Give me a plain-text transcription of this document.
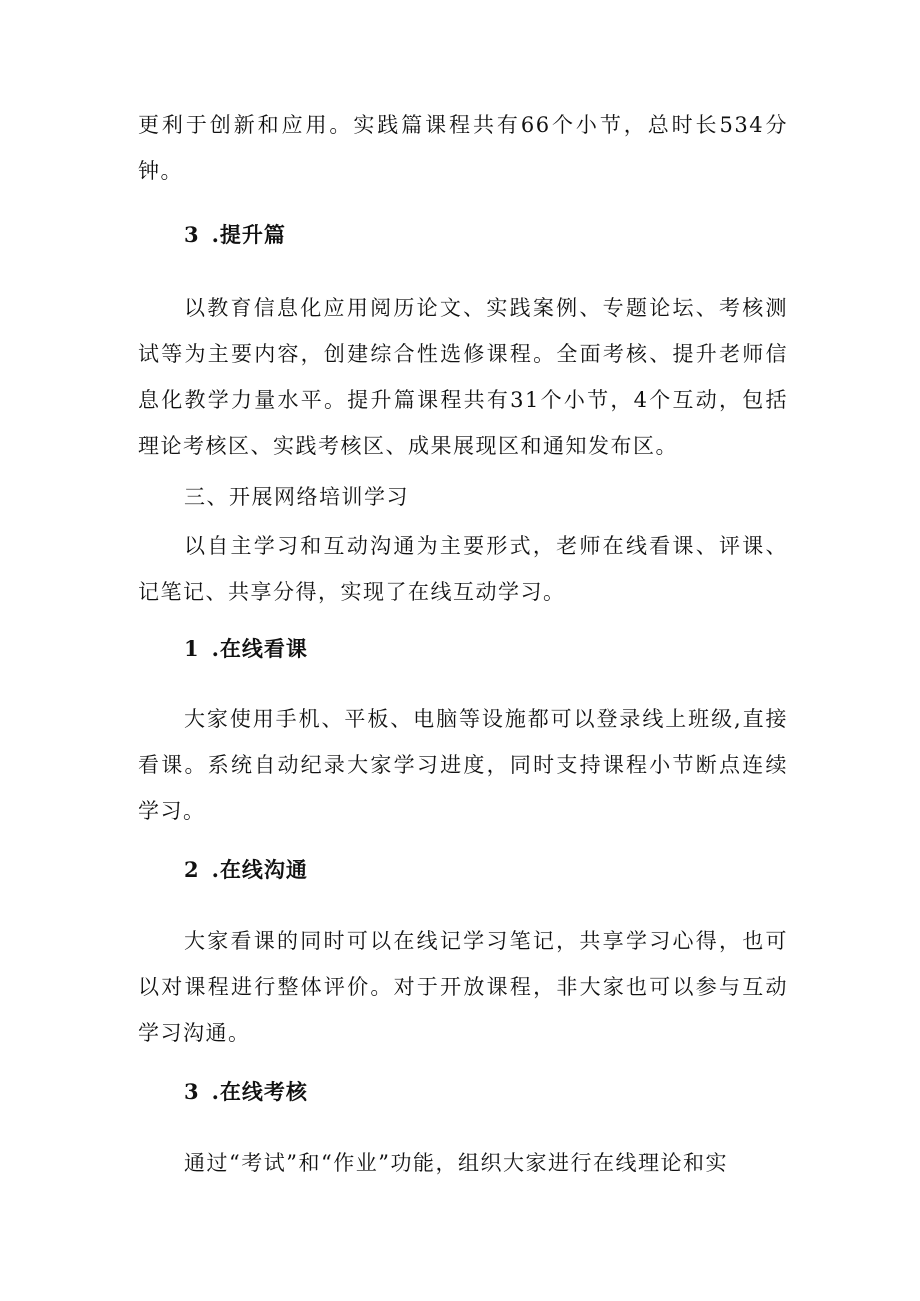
更利于创新和应用。实践篇课程共有66个小节，总时长534分钟。

3 .提升篇

以教育信息化应用阅历论文、实践案例、专题论坛、考核测试等为主要内容，创建综合性选修课程。全面考核、提升老师信息化教学力量水平。提升篇课程共有31个小节，4个互动，包括理论考核区、实践考核区、成果展现区和通知发布区。

三、开展网络培训学习

以自主学习和互动沟通为主要形式，老师在线看课、评课、记笔记、共享分得，实现了在线互动学习。

1 .在线看课

大家使用手机、平板、电脑等设施都可以登录线上班级,直接看课。系统自动纪录大家学习进度，同时支持课程小节断点连续学习。

2 .在线沟通

大家看课的同时可以在线记学习笔记，共享学习心得，也可以对课程进行整体评价。对于开放课程，非大家也可以参与互动学习沟通。

3 .在线考核

通过“考试”和“作业”功能，组织大家进行在线理论和实
